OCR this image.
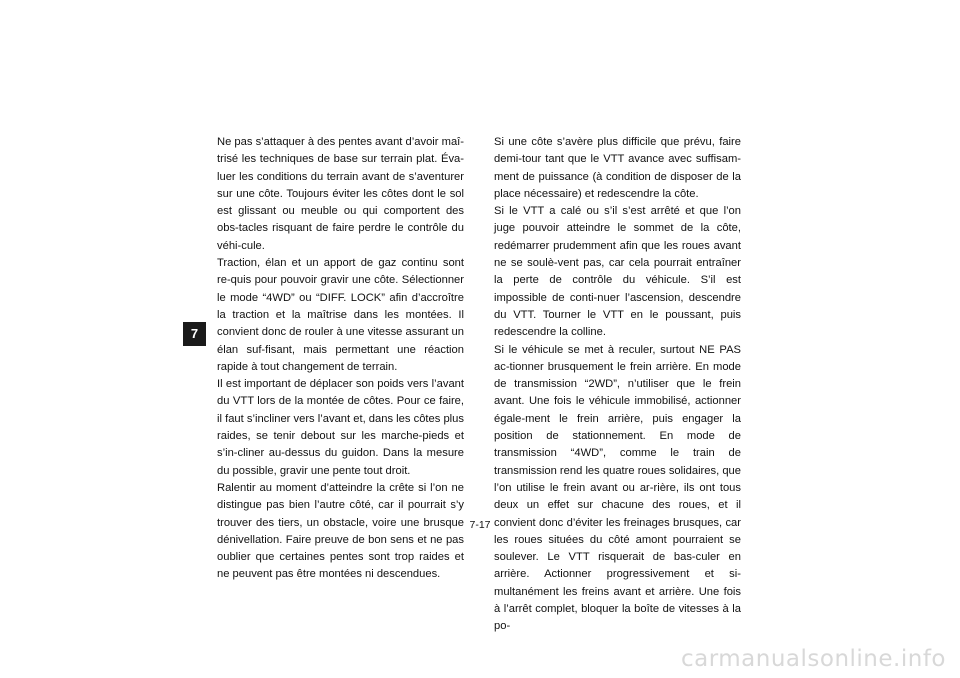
7

Ne pas s’attaquer à des pentes avant d’avoir maî-trisé les techniques de base sur terrain plat. Éva-luer les conditions du terrain avant de s’aventurer sur une côte. Toujours éviter les côtes dont le sol est glissant ou meuble ou qui comportent des obs-tacles risquant de faire perdre le contrôle du véhi-cule.

Traction, élan et un apport de gaz continu sont re-quis pour pouvoir gravir une côte. Sélectionner le mode “4WD” ou “DIFF. LOCK” afin d’accroître la traction et la maîtrise dans les montées. Il convient donc de rouler à une vitesse assurant un élan suf-fisant, mais permettant une réaction rapide à tout changement de terrain.

Il est important de déplacer son poids vers l’avant du VTT lors de la montée de côtes. Pour ce faire, il faut s’incliner vers l’avant et, dans les côtes plus raides, se tenir debout sur les marche-pieds et s’in-cliner au-dessus du guidon. Dans la mesure du possible, gravir une pente tout droit.

Ralentir au moment d’atteindre la crête si l’on ne distingue pas bien l’autre côté, car il pourrait s’y trouver des tiers, un obstacle, voire une brusque dénivellation. Faire preuve de bon sens et ne pas oublier que certaines pentes sont trop raides et ne peuvent pas être montées ni descendues.

Si une côte s’avère plus difficile que prévu, faire demi-tour tant que le VTT avance avec suffisam-ment de puissance (à condition de disposer de la place nécessaire) et redescendre la côte.

Si le VTT a calé ou s’il s’est arrêté et que l’on juge pouvoir atteindre le sommet de la côte, redémarrer prudemment afin que les roues avant ne se soulè-vent pas, car cela pourrait entraîner la perte de contrôle du véhicule. S’il est impossible de conti-nuer l’ascension, descendre du VTT. Tourner le VTT en le poussant, puis redescendre la colline.

Si le véhicule se met à reculer, surtout NE PAS ac-tionner brusquement le frein arrière. En mode de transmission “2WD”, n’utiliser que le frein avant. Une fois le véhicule immobilisé, actionner égale-ment le frein arrière, puis engager la position de stationnement. En mode de transmission “4WD”, comme le train de transmission rend les quatre roues solidaires, que l’on utilise le frein avant ou ar-rière, ils ont tous deux un effet sur chacune des roues, et il convient donc d’éviter les freinages brusques, car les roues situées du côté amont pourraient se soulever. Le VTT risquerait de bas-culer en arrière. Actionner progressivement et si-multanément les freins avant et arrière. Une fois à l’arrêt complet, bloquer la boîte de vitesses à la po-

7-17
carmanualsonline.info
